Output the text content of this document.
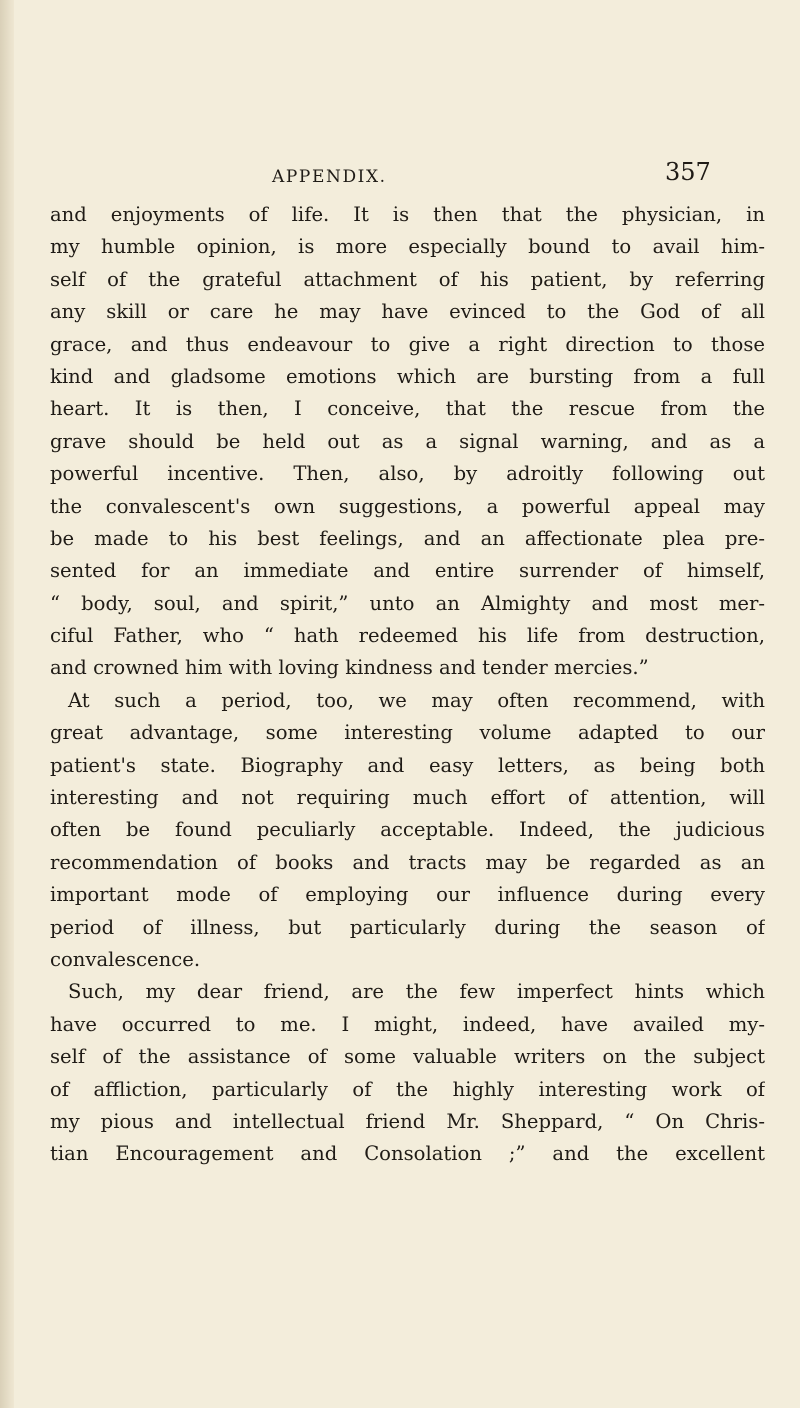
APPENDIX.	357
and enjoyments of life. It is then that the physician, in
my humble opinion, is more especially bound to avail him-
self of the grateful attachment of his patient, by referring
any skill or care he may have evinced to the God of all
grace, and thus endeavour to give a right direction to those
kind and gladsome emotions which are bursting from a full
heart. It is then, I conceive, that the rescue from the
grave should be held out as a signal warning, and as a
powerful incentive. Then, also, by adroitly following out
the convalescent's own suggestions, a powerful appeal may
be made to his best feelings, and an affectionate plea pre-
sented for an immediate and entire surrender of himself,
“ body, soul, and spirit,” unto an Almighty and most mer-
ciful Father, who “ hath redeemed his life from destruction,
and crowned him with loving kindness and tender mercies.”
At such a period, too, we may often recommend, with
great advantage, some interesting volume adapted to our
patient's state. Biography and easy letters, as being both
interesting and not requiring much effort of attention, will
often be found peculiarly acceptable. Indeed, the judicious
recommendation of books and tracts may be regarded as an
important mode of employing our influence during every
period of illness, but particularly during the season of
convalescence.
Such, my dear friend, are the few imperfect hints which
have occurred to me. I might, indeed, have availed my-
self of the assistance of some valuable writers on the subject
of affliction, particularly of the highly interesting work of
my pious and intellectual friend Mr. Sheppard, “ On Chris-
tian Encouragement and Consolation ;” and the excellent
